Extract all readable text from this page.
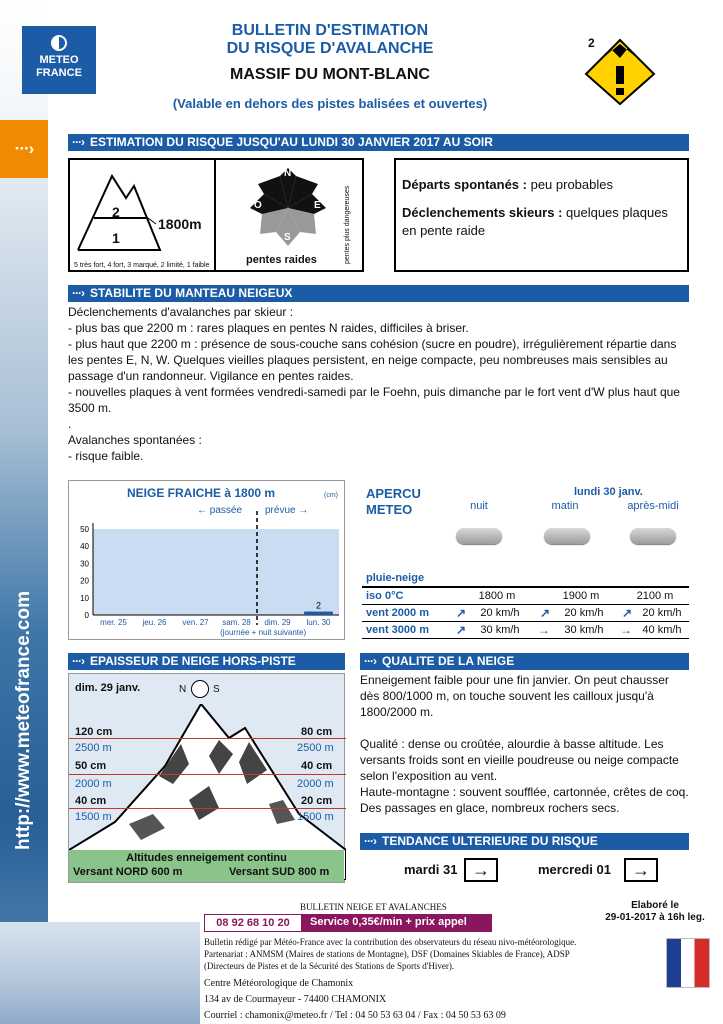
···›
METEO
FRANCE
BULLETIN D'ESTIMATION
DU RISQUE D'AVALANCHE
MASSIF DU MONT-BLANC
(Valable en dehors des pistes balisées et ouvertes)
2
···› ESTIMATION DU RISQUE JUSQU'AU LUNDI 30 JANVIER 2017 AU SOIR
2
1
1800m
5 très fort, 4 fort, 3 marqué, 2 limité, 1 faible
N
E
S
O
pentes raides	pentes plus dangereuses
Départs spontanés : peu probables
Déclenchements skieurs : quelques plaques en pente raide
···› STABILITE DU MANTEAU NEIGEUX
Déclenchements d'avalanches par skieur :
- plus bas que 2200 m : rares plaques en pentes N raides, difficiles à briser.
- plus haut que 2200 m : présence de sous-couche sans cohésion (sucre en poudre), irrégulièrement répartie dans les pentes E, N, W. Quelques vieilles plaques persistent, en neige compacte, peu nombreuses mais sensibles au passage d'un randonneur. Vigilance en pentes raides.
- nouvelles plaques à vent formées vendredi-samedi par le Foehn, puis dimanche par le fort vent d'W plus haut que 3500 m.
.
Avalanches spontanées :
- risque faible.
NEIGE FRAICHE à 1800 m	(cm)
← passée prévue →
0
10
20
30
40
50
mer. 25 jeu. 26 ven. 27 sam. 28 dim. 29 lun. 30
2
(journée + nuit suivante)
APERCU
METEO
lundi 30 janv.
nuit	matin	après-midi
pluie-neige
iso 0°C	1800 m	1900 m	2100 m
vent 2000 m ↗	20 km/h	↗	20 km/h	↗ 20 km/h
vent 3000 m ↗	30 km/h	→	30 km/h	→ 40 km/h
···› EPAISSEUR DE NEIGE HORS-PISTE
dim. 29 janv.	N	S
120 cm
2500 m
80 cm
2500 m
50 cm
2000 m
40 cm
2000 m
40 cm
1500 m
20 cm
1500 m
Altitudes enneigement continu
Versant NORD 600 m	Versant SUD 800 m
···› QUALITE DE LA NEIGE
Enneigement faible pour une fin janvier. On peut chausser dès 800/1000 m, on touche souvent les cailloux jusqu'à 1800/2000 m.
Qualité : dense ou croûtée, alourdie à basse altitude. Les versants froids sont en vieille poudreuse ou neige compacte selon l'exposition au vent.
Haute-montagne : souvent soufflée, cartonnée, crêtes de coq. Des passages en glace, nombreux rochers secs.
···› TENDANCE ULTERIEURE DU RISQUE
mardi 31 →	mercredi 01	→
BULLETIN NEIGE ET AVALANCHES
08 92 68 10 20	Service 0,35€/min + prix appel
Elaboré le
29-01-2017 à 16h leg.
Bulletin rédigé par Météo-France avec la contribution des observateurs du réseau nivo-météorologique.
Partenariat : ANMSM (Maires de stations de Montagne), DSF (Domaines Skiables de France), ADSP
(Directeurs de Pistes et de la Sécurité des Stations de Sports d'Hiver).
Centre Météorologique de Chamonix
134 av de Courmayeur - 74400 CHAMONIX
Courriel : chamonix@meteo.fr / Tel : 04 50 53 63 04 / Fax : 04 50 53 63 09
